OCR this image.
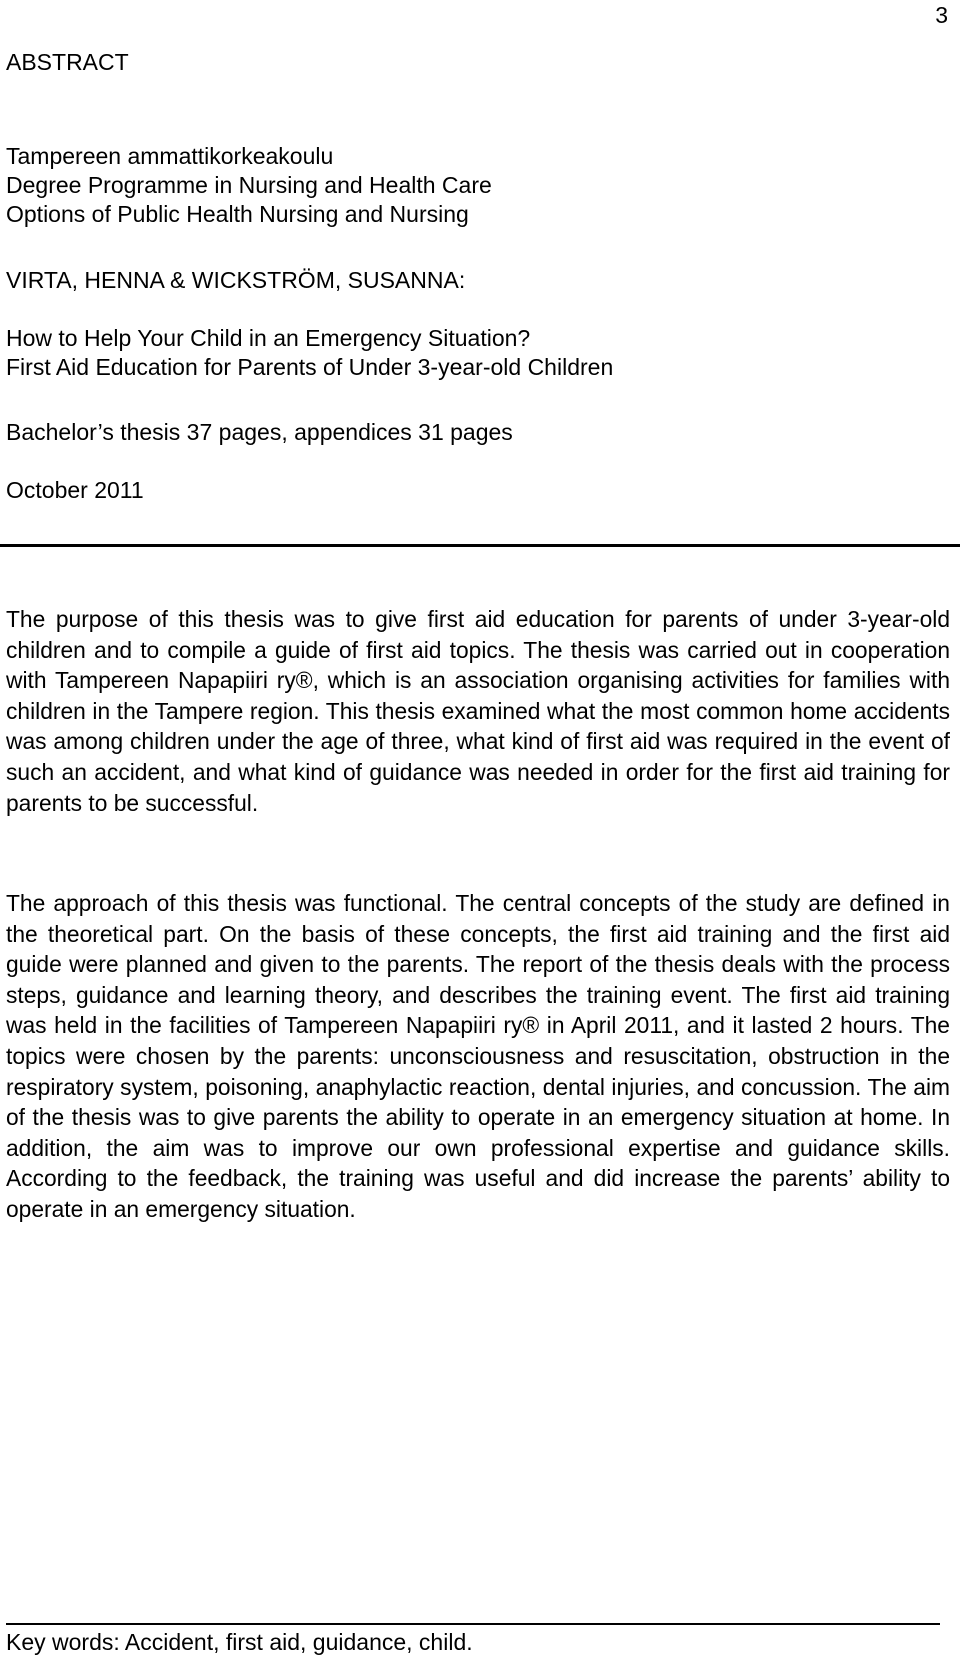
3
ABSTRACT
Tampereen ammattikorkeakoulu
Degree Programme in Nursing and Health Care
Options of Public Health Nursing and Nursing
VIRTA, HENNA & WICKSTRÖM, SUSANNA:
How to Help Your Child in an Emergency Situation?
First Aid Education for Parents of Under 3-year-old Children
Bachelor’s thesis 37 pages, appendices 31 pages
October 2011
The purpose of this thesis was to give first aid education for parents of under 3-year-old children and to compile a guide of first aid topics. The thesis was carried out in cooperation with Tampereen Napapiiri ry®, which is an association organising activities for families with children in the Tampere region. This thesis examined what the most common home accidents was among children under the age of three, what kind of first aid was required in the event of such an accident, and what kind of guidance was needed in order for the first aid training for parents to be successful.
The approach of this thesis was functional. The central concepts of the study are defined in the theoretical part. On the basis of these concepts, the first aid training and the first aid guide were planned and given to the parents. The report of the thesis deals with the process steps, guidance and learning theory, and describes the training event. The first aid training was held in the facilities of Tampereen Napapiiri ry® in April 2011, and it lasted 2 hours. The topics were chosen by the parents: unconsciousness and resuscitation, obstruction in the respiratory system, poisoning, anaphylactic reaction, dental injuries, and concussion. The aim of the thesis was to give parents the ability to operate in an emergency situation at home. In addition, the aim was to improve our own professional expertise and guidance skills. According to the feedback, the training was useful and did increase the parents’ ability to operate in an emergency situation.
Key words: Accident, first aid, guidance, child.
